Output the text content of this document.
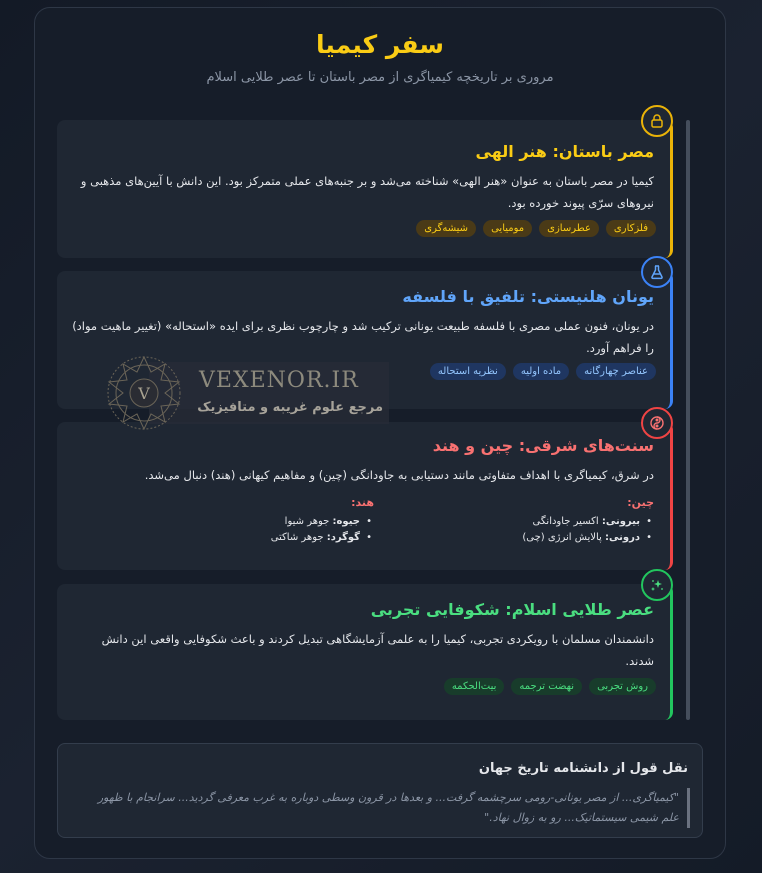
سفر کیمیا
مروری بر تاریخچه کیمیاگری از مصر باستان تا عصر طلایی اسلام
مصر باستان: هنر الهی
کیمیا در مصر باستان به عنوان «هنر الهی» شناخته می‌شد و بر جنبه‌های عملی متمرکز بود. این دانش با آیین‌های مذهبی و نیروهای سرّی پیوند خورده بود.
فلزکاری
عطرسازی
مومیایی
شیشه‌گری
یونان هلنیستی: تلفیق با فلسفه
در یونان، فنون عملی مصری با فلسفه طبیعت یونانی ترکیب شد و چارچوب نظری برای ایده «استحاله» (تغییر ماهیت مواد) را فراهم آورد.
عناصر چهارگانه
ماده اولیه
نظریه استحاله
سنت‌های شرقی: چین و هند
در شرق، کیمیاگری با اهداف متفاوتی مانند دستیابی به جاودانگی (چین) و مفاهیم کیهانی (هند) دنبال می‌شد.
چین:
• بیرونی: اکسیر جاودانگی
• درونی: پالایش انرژی (چی)
هند:
• جیوه: جوهر شیوا
• گوگرد: جوهر شاکتی
عصر طلایی اسلام: شکوفایی تجربی
دانشمندان مسلمان با رویکردی تجربی، کیمیا را به علمی آزمایشگاهی تبدیل کردند و باعث شکوفایی واقعی این دانش شدند.
روش تجربی
نهضت ترجمه
بیت‌الحکمه
نقل قول از دانشنامه تاریخ جهان
"کیمیاگری... از مصر یونانی-رومی سرچشمه گرفت... و بعدها در قرون وسطی دوباره به غرب معرفی گردید... سرانجام با ظهور علم شیمی سیستماتیک... رو به زوال نهاد."
V
VEXENOR.IR
مرجع علوم غریبه و متافیزیک
